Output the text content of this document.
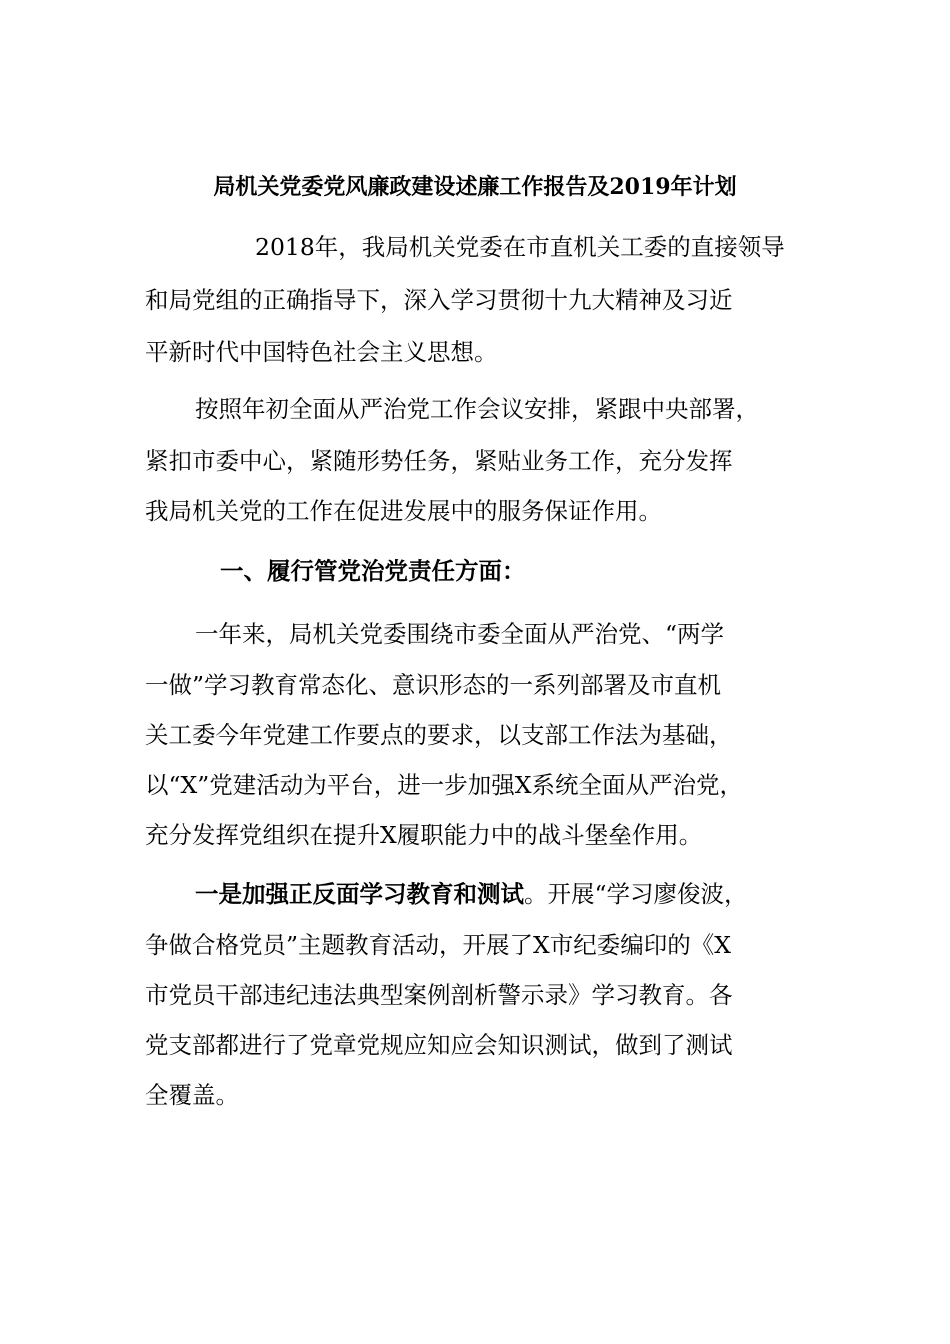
局机关党委党风廉政建设述廉工作报告及2019年计划
2018年，我局机关党委在市直机关工委的直接领导
和局党组的正确指导下，深入学习贯彻十九大精神及习近
平新时代中国特色社会主义思想。
按照年初全面从严治党工作会议安排，紧跟中央部署，
紧扣市委中心，紧随形势任务，紧贴业务工作，充分发挥
我局机关党的工作在促进发展中的服务保证作用。
一、履行管党治党责任方面：
一年来，局机关党委围绕市委全面从严治党、“两学
一做”学习教育常态化、意识形态的一系列部署及市直机
关工委今年党建工作要点的要求，以支部工作法为基础，
以“X”党建活动为平台，进一步加强X系统全面从严治党，
充分发挥党组织在提升X履职能力中的战斗堡垒作用。
一是加强正反面学习教育和测试。开展“学习廖俊波，
争做合格党员”主题教育活动，开展了X市纪委编印的《X
市党员干部违纪违法典型案例剖析警示录》学习教育。各
党支部都进行了党章党规应知应会知识测试，做到了测试
全覆盖。
